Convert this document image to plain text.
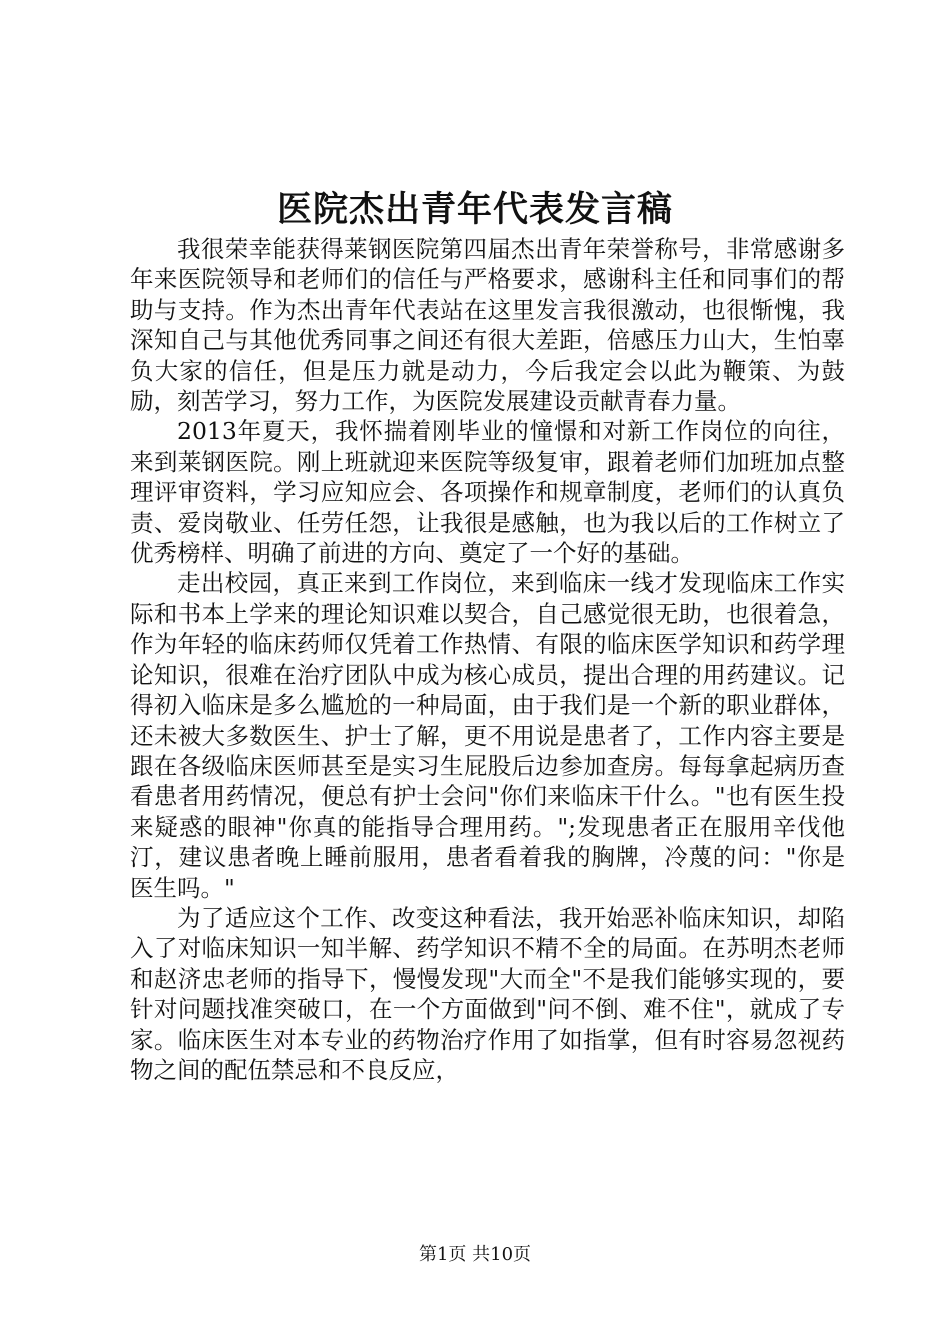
医院杰出青年代表发言稿

我很荣幸能获得莱钢医院第四届杰出青年荣誉称号，非常感谢多年来医院领导和老师们的信任与严格要求，感谢科主任和同事们的帮助与支持。作为杰出青年代表站在这里发言我很激动，也很惭愧，我深知自己与其他优秀同事之间还有很大差距，倍感压力山大，生怕辜负大家的信任，但是压力就是动力，今后我定会以此为鞭策、为鼓励，刻苦学习，努力工作，为医院发展建设贡献青春力量。

2013年夏天，我怀揣着刚毕业的憧憬和对新工作岗位的向往，来到莱钢医院。刚上班就迎来医院等级复审，跟着老师们加班加点整理评审资料，学习应知应会、各项操作和规章制度，老师们的认真负责、爱岗敬业、任劳任怨，让我很是感触，也为我以后的工作树立了优秀榜样、明确了前进的方向、奠定了一个好的基础。

走出校园，真正来到工作岗位，来到临床一线才发现临床工作实际和书本上学来的理论知识难以契合，自己感觉很无助，也很着急，作为年轻的临床药师仅凭着工作热情、有限的临床医学知识和药学理论知识，很难在治疗团队中成为核心成员，提出合理的用药建议。记得初入临床是多么尴尬的一种局面，由于我们是一个新的职业群体，还未被大多数医生、护士了解，更不用说是患者了，工作内容主要是跟在各级临床医师甚至是实习生屁股后边参加查房。每每拿起病历查看患者用药情况，便总有护士会问"你们来临床干什么。"也有医生投来疑惑的眼神"你真的能指导合理用药。";发现患者正在服用辛伐他汀，建议患者晚上睡前服用，患者看着我的胸牌，冷蔑的问："你是医生吗。"

为了适应这个工作、改变这种看法，我开始恶补临床知识，却陷入了对临床知识一知半解、药学知识不精不全的局面。在苏明杰老师和赵济忠老师的指导下，慢慢发现"大而全"不是我们能够实现的，要针对问题找准突破口，在一个方面做到"问不倒、难不住"，就成了专家。临床医生对本专业的药物治疗作用了如指掌，但有时容易忽视药物之间的配伍禁忌和不良反应，

第1页 共10页
